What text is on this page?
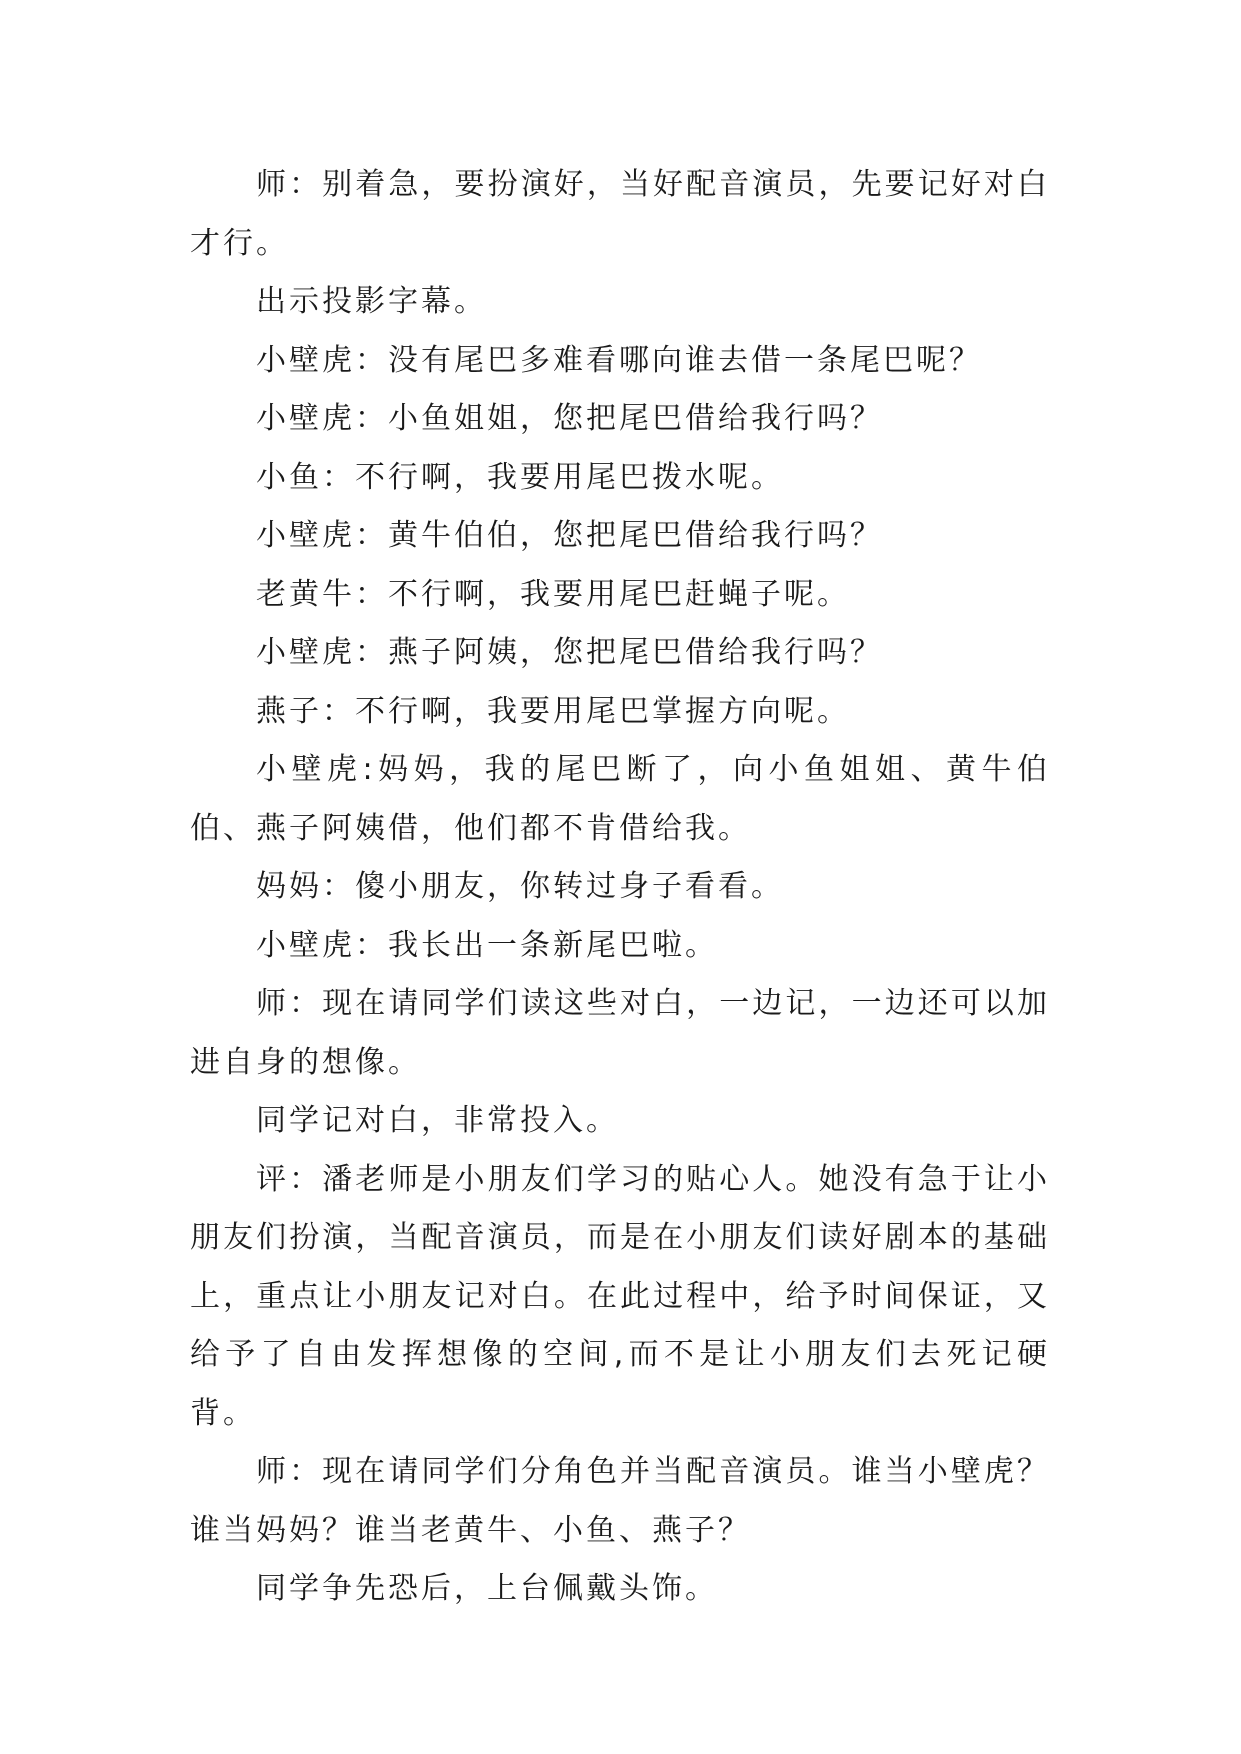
师：别着急，要扮演好，当好配音演员，先要记好对白才行。

出示投影字幕。

小壁虎：没有尾巴多难看哪向谁去借一条尾巴呢？

小壁虎：小鱼姐姐，您把尾巴借给我行吗？

小鱼：不行啊，我要用尾巴拨水呢。

小壁虎：黄牛伯伯，您把尾巴借给我行吗？

老黄牛：不行啊，我要用尾巴赶蝇子呢。

小壁虎：燕子阿姨，您把尾巴借给我行吗？

燕子：不行啊，我要用尾巴掌握方向呢。

小壁虎:妈妈，我的尾巴断了，向小鱼姐姐、黄牛伯伯、燕子阿姨借，他们都不肯借给我。

妈妈：傻小朋友，你转过身子看看。

小壁虎：我长出一条新尾巴啦。

师：现在请同学们读这些对白，一边记，一边还可以加进自身的想像。

同学记对白，非常投入。

评：潘老师是小朋友们学习的贴心人。她没有急于让小朋友们扮演，当配音演员，而是在小朋友们读好剧本的基础上，重点让小朋友记对白。在此过程中，给予时间保证，又给予了自由发挥想像的空间,而不是让小朋友们去死记硬背。

师：现在请同学们分角色并当配音演员。谁当小壁虎？谁当妈妈？谁当老黄牛、小鱼、燕子？

同学争先恐后，上台佩戴头饰。
